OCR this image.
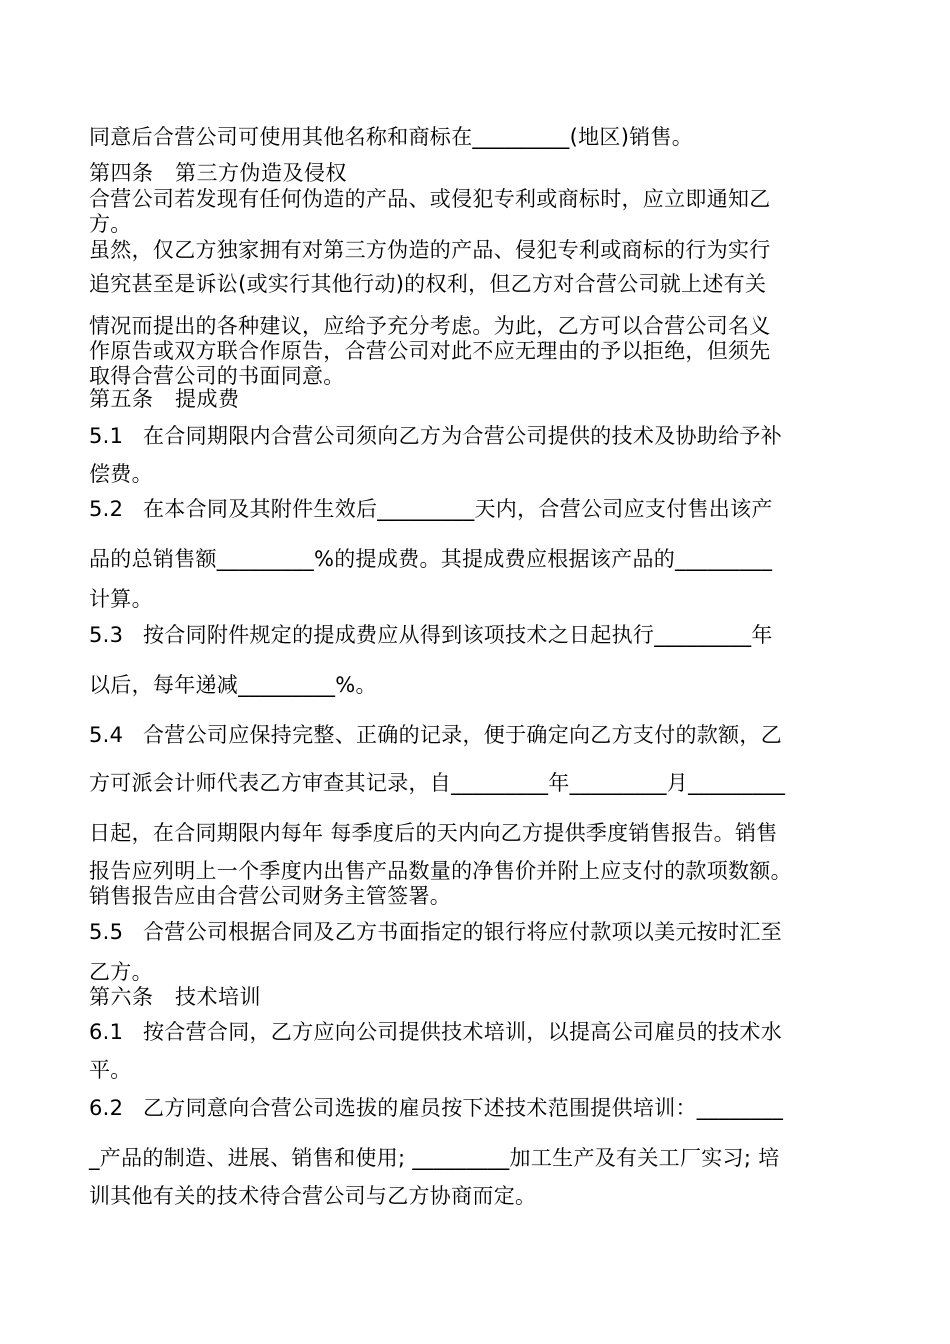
同意后合营公司可使用其他名称和商标在_________(地区)销售。
第四条　第三方伪造及侵权
合营公司若发现有任何伪造的产品、或侵犯专利或商标时，应立即通知乙
方。
虽然，仅乙方独家拥有对第三方伪造的产品、侵犯专利或商标的行为实行
追究甚至是诉讼(或实行其他行动)的权利，但乙方对合营公司就上述有关
情况而提出的各种建议，应给予充分考虑。为此，乙方可以合营公司名义
作原告或双方联合作原告，合营公司对此不应无理由的予以拒绝，但须先
取得合营公司的书面同意。
第五条　提成费
5.1 在合同期限内合营公司须向乙方为合营公司提供的技术及协助给予补
偿费。
5.2 在本合同及其附件生效后_________天内，合营公司应支付售出该产
品的总销售额_________%的提成费。其提成费应根据该产品的_________
计算。
5.3 按合同附件规定的提成费应从得到该项技术之日起执行_________年
以后，每年递减_________%。
5.4 合营公司应保持完整、正确的记录，便于确定向乙方支付的款额，乙
方可派会计师代表乙方审查其记录，自_________年_________月_________
日起，在合同期限内每年 每季度后的天内向乙方提供季度销售报告。销售
报告应列明上一个季度内出售产品数量的净售价并附上应支付的款项数额。
销售报告应由合营公司财务主管签署。
5.5 合营公司根据合同及乙方书面指定的银行将应付款项以美元按时汇至
乙方。
第六条　技术培训
6.1 按合营合同，乙方应向公司提供技术培训，以提高公司雇员的技术水
平。
6.2 乙方同意向合营公司选拔的雇员按下述技术范围提供培训：________
_产品的制造、进展、销售和使用; _________加工生产及有关工厂实习; 培
训其他有关的技术待合营公司与乙方协商而定。
